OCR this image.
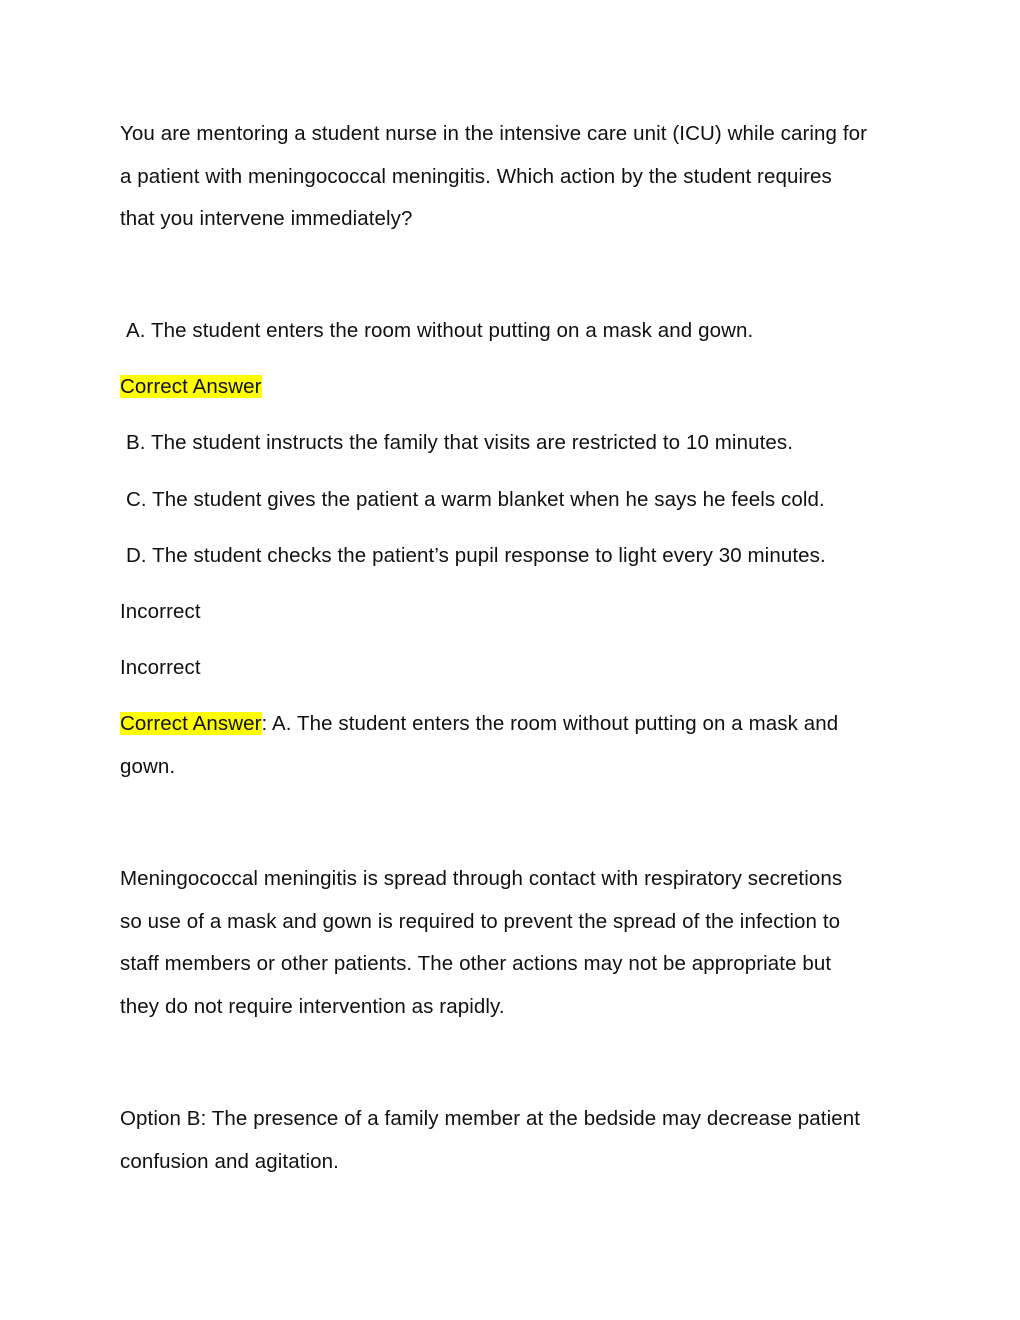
You are mentoring a student nurse in the intensive care unit (ICU) while caring for
a patient with meningococcal meningitis. Which action by the student requires
that you intervene immediately?
A. The student enters the room without putting on a mask and gown.
Correct Answer
B. The student instructs the family that visits are restricted to 10 minutes.
C. The student gives the patient a warm blanket when he says he feels cold.
D. The student checks the patient’s pupil response to light every 30 minutes.
Incorrect
Incorrect
Correct Answer: A. The student enters the room without putting on a mask and
gown.
Meningococcal meningitis is spread through contact with respiratory secretions
so use of a mask and gown is required to prevent the spread of the infection to
staff members or other patients. The other actions may not be appropriate but
they do not require intervention as rapidly.
Option B: The presence of a family member at the bedside may decrease patient
confusion and agitation.
